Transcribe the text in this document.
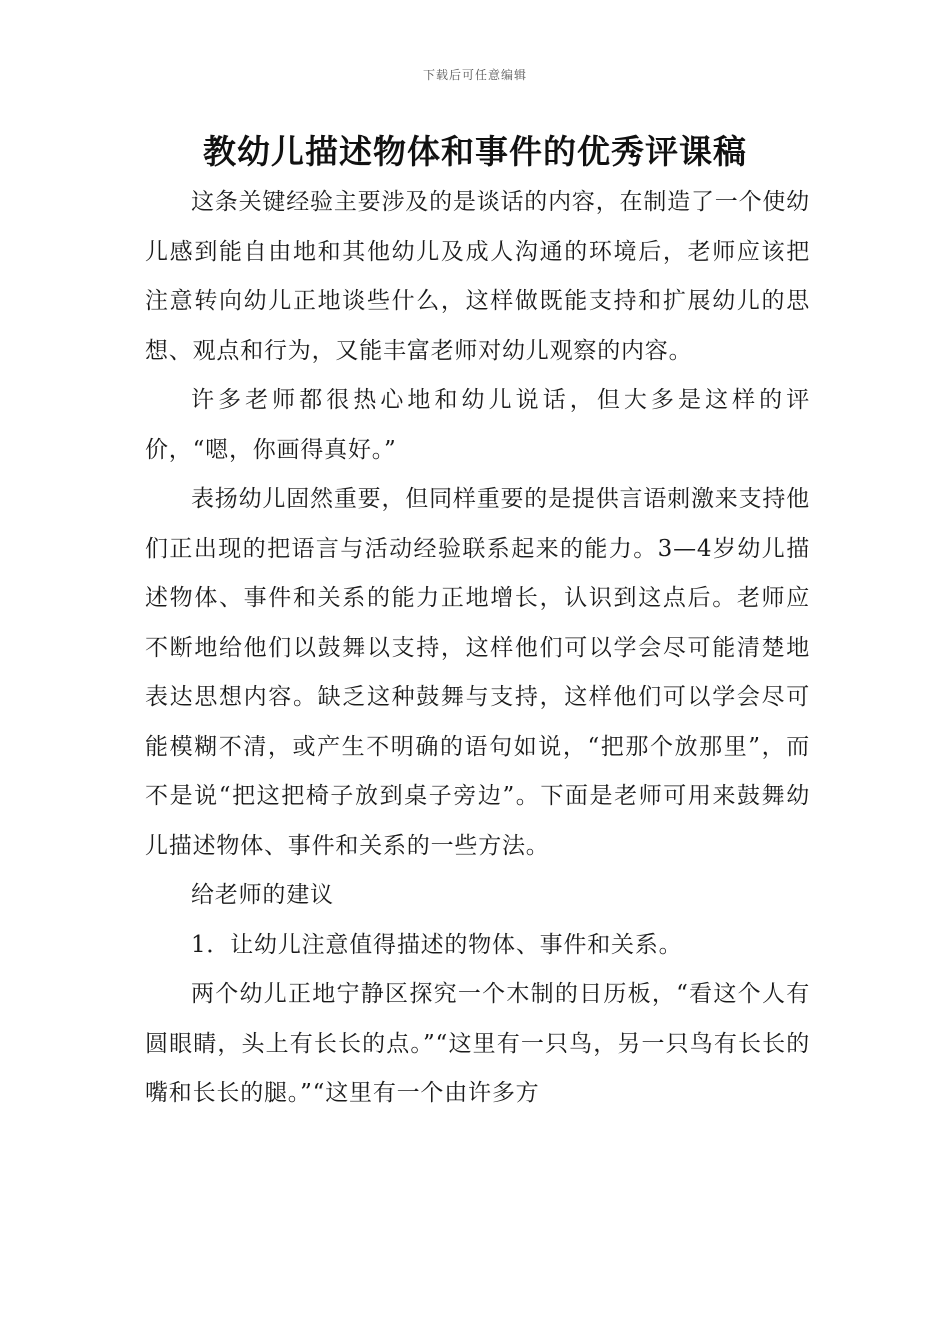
下载后可任意编辑
教幼儿描述物体和事件的优秀评课稿

这条关键经验主要涉及的是谈话的内容，在制造了一个使幼儿感到能自由地和其他幼儿及成人沟通的环境后，老师应该把注意转向幼儿正地谈些什么，这样做既能支持和扩展幼儿的思想、观点和行为，又能丰富老师对幼儿观察的内容。

许多老师都很热心地和幼儿说话，但大多是这样的评价，“嗯，你画得真好。”

表扬幼儿固然重要，但同样重要的是提供言语刺激来支持他们正出现的把语言与活动经验联系起来的能力。3—4岁幼儿描述物体、事件和关系的能力正地增长，认识到这点后。老师应不断地给他们以鼓舞以支持，这样他们可以学会尽可能清楚地表达思想内容。缺乏这种鼓舞与支持，这样他们可以学会尽可能模糊不清，或产生不明确的语句如说，“把那个放那里”，而不是说“把这把椅子放到桌子旁边”。下面是老师可用来鼓舞幼儿描述物体、事件和关系的一些方法。

给老师的建议

1．让幼儿注意值得描述的物体、事件和关系。

两个幼儿正地宁静区探究一个木制的日历板，“看这个人有圆眼睛，头上有长长的点。”“这里有一只鸟，另一只鸟有长长的嘴和长长的腿。”“这里有一个由许多方
